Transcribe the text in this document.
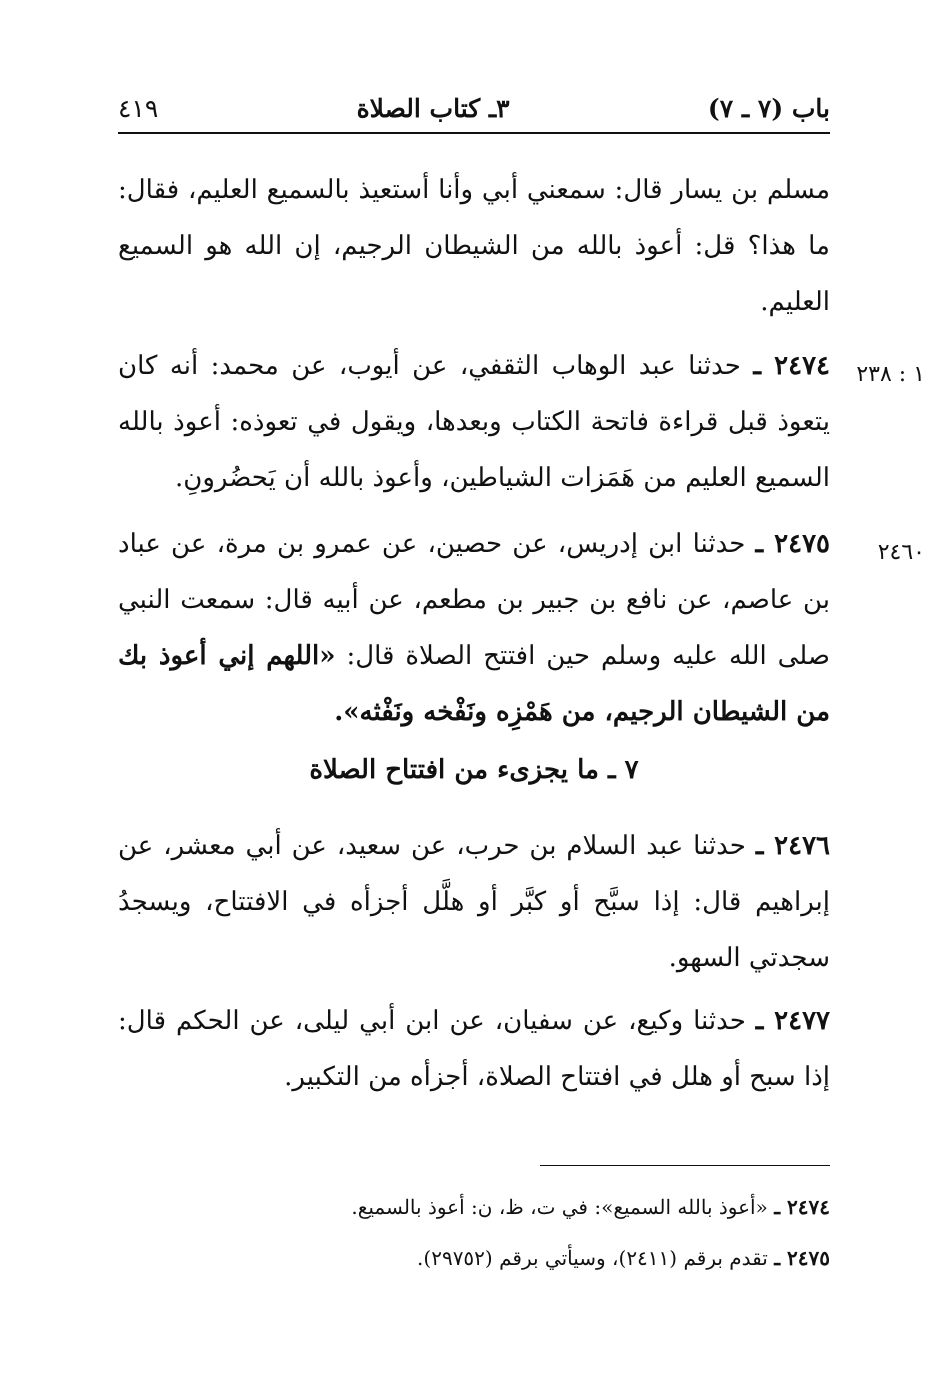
باب (٧ ـ ٧)
٣ـ كتاب الصلاة
٤١٩
مسلم بن يسار قال: سمعني أبي وأنا أستعيذ بالسميع العليم، فقال: ما هذا؟ قل: أعوذ بالله من الشيطان الرجيم، إن الله هو السميع العليم.
١ : ٢٣٨
٢٤٧٤ ـ حدثنا عبد الوهاب الثقفي، عن أيوب، عن محمد: أنه كان يتعوذ قبل قراءة فاتحة الكتاب وبعدها، ويقول في تعوذه: أعوذ بالله السميع العليم من هَمَزات الشياطين، وأعوذ بالله أن يَحضُرونِ.
٢٤٦٠
٢٤٧٥ ـ حدثنا ابن إدريس، عن حصين، عن عمرو بن مرة، عن عباد بن عاصم، عن نافع بن جبير بن مطعم، عن أبيه قال: سمعت النبي صلى الله عليه وسلم حين افتتح الصلاة قال: «اللهم إني أعوذ بك من الشيطان الرجيم، من هَمْزِه ونَفْخه ونَفْثه».
٧ ـ ما يجزىء من افتتاح الصلاة
٢٤٧٦ ـ حدثنا عبد السلام بن حرب، عن سعيد، عن أبي معشر، عن إبراهيم قال: إذا سبَّح أو كبَّر أو هلَّل أجزأه في الافتتاح، ويسجدُ سجدتي السهو.
٢٤٧٧ ـ حدثنا وكيع، عن سفيان، عن ابن أبي ليلى، عن الحكم قال: إذا سبح أو هلل في افتتاح الصلاة، أجزأه من التكبير.
٢٤٧٤ ـ «أعوذ بالله السميع»: في ت، ظ، ن: أعوذ بالسميع.
٢٤٧٥ ـ تقدم برقم (٢٤١١)، وسيأتي برقم (٢٩٧٥٢).
